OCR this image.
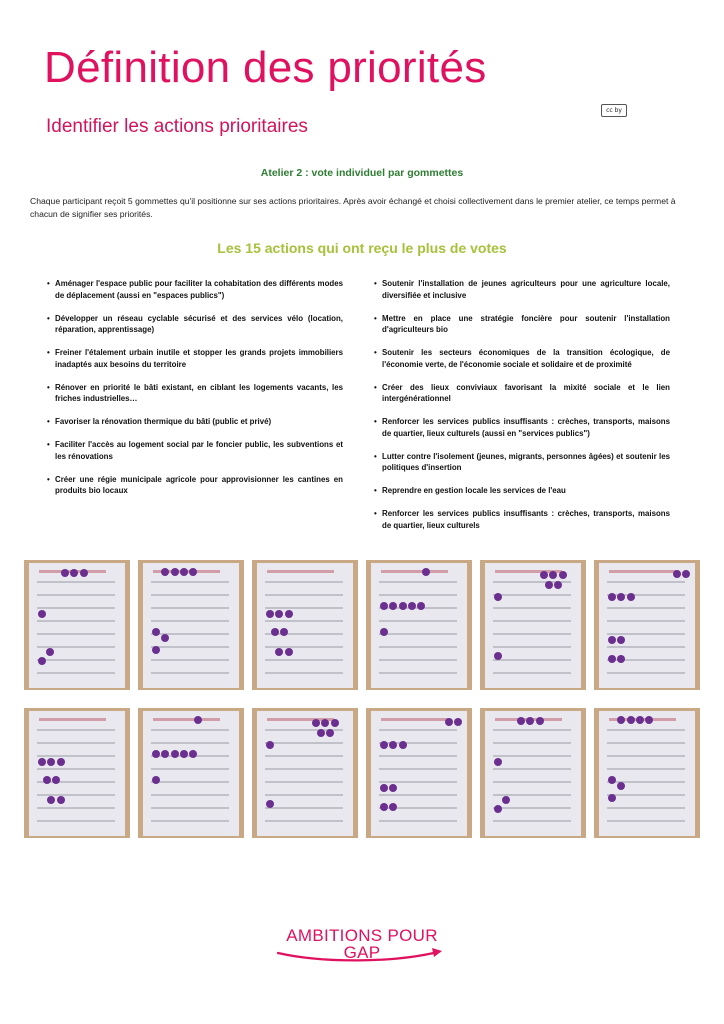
Définition des priorités
Identifier les actions prioritaires
cc by
Atelier 2 : vote individuel par gommettes
Chaque participant reçoit 5 gommettes qu'il positionne sur ses actions prioritaires. Après avoir échangé et choisi collectivement dans le premier atelier, ce temps permet à chacun de signifier ses priorités.
Les 15 actions qui ont reçu le plus de votes
• Aménager l'espace public pour faciliter la cohabitation des différents modes de déplacement (aussi en "espaces publics")
• Développer un réseau cyclable sécurisé et des services vélo (location, réparation, apprentissage)
• Freiner l'étalement urbain inutile et stopper les grands projets immobiliers inadaptés aux besoins du territoire
• Rénover en priorité le bâti existant, en ciblant les logements vacants, les friches industrielles…
• Favoriser la rénovation thermique du bâti (public et privé)
• Faciliter l'accès au logement social par le foncier public, les subventions et les rénovations
• Créer une régie municipale agricole pour approvisionner les cantines en produits bio locaux
• Soutenir l'installation de jeunes agriculteurs pour une agriculture locale, diversifiée et inclusive
• Mettre en place une stratégie foncière pour soutenir l'installation d'agriculteurs bio
• Soutenir les secteurs économiques de la transition écologique, de l'économie verte, de l'économie sociale et solidaire et de proximité
• Créer des lieux conviviaux favorisant la mixité sociale et le lien intergénérationnel
• Renforcer les services publics insuffisants : crèches, transports, maisons de quartier, lieux culturels (aussi en "services publics")
• Lutter contre l'isolement (jeunes, migrants, personnes âgées) et soutenir les politiques d'insertion
• Reprendre en gestion locale les services de l'eau
• Renforcer les services publics insuffisants : crèches, transports, maisons de quartier, lieux culturels
AMBITIONS POUR GAP
